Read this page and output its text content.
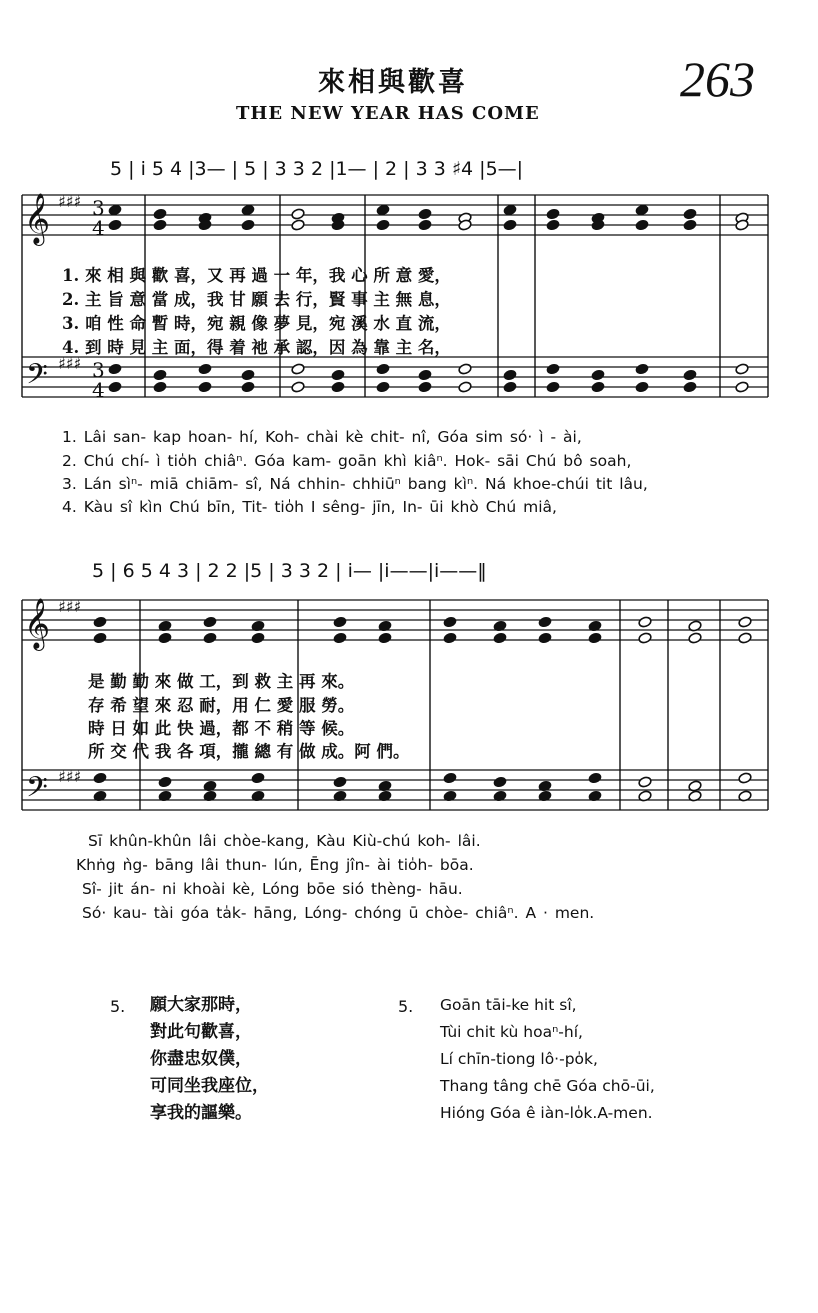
來相與歡喜
THE NEW YEAR HAS COME
263
5 | i 5 4 |3— | 5 | 3 3 2 |1— | 2 | 3 3 ♯4 |5—|
𝄞
𝄢
𝄞
𝄢
♯♯♯
♯♯♯
♯♯♯
♯♯♯
3
4
3
4
1. 來 相 與 歡 喜，又 再 過 一 年，我 心 所 意 愛，
2. 主 旨 意 當 成，我 甘 願 去 行，賢 事 主 無 息，
3. 咱 性 命 暫 時，宛 親 像 夢 見，宛 溪 水 直 流，
4. 到 時 見 主 面，得 着 祂 承 認，因 為 靠 主 名，
1. Lâi san- kap hoan- hí, Koh- chài kè chit- nî, Góa sim só· ì - ài,
2. Chú chí- ì tio̍h chiâⁿ. Góa kam- goān khì kiâⁿ. Hok- sāi Chú bô soah,
3. Lán sìⁿ- miā chiām- sî, Ná chhin- chhiūⁿ bang kìⁿ. Ná khoe-chúi tit lâu,
4. Kàu sî kìn Chú bīn, Tit- tio̍h I sêng- jīn, In- ūi khò Chú miâ,
5 | 6 5 4 3 | 2 2 |5 | 3 3 2 | i— |i——|i——‖
是 勤 勤 來 做 工，到 救 主 再 來。
存 希 望 來 忍 耐，用 仁 愛 服 勞。
時 日 如 此 快 過，都 不 稍 等 候。
所 交 代 我 各 項，攏 總 有 做 成。阿 們。
Sī khûn-khûn lâi chòe-kang, Kàu Kiù-chú koh- lâi.
Khṅg ǹg- bāng lâi thun- lún, Ēng jîn- ài tio̍h- bōa.
Sî- jit án- ni khoài kè, Lóng bōe sió thèng- hāu.
Só· kau- tài góa ta̍k- hāng, Lóng- chóng ū chòe- chiâⁿ. A · men.
5. 願大家那時，
對此句歡喜，
你盡忠奴僕，
可同坐我座位，
享我的謳樂。
5. Goān tāi-ke hit sî,
Tùi chit kù hoaⁿ-hí,
Lí chīn-tiong lô·-po̍k,
Thang tâng chē Góa chō-ūi,
Hióng Góa ê iàn-lo̍k.A-men.
